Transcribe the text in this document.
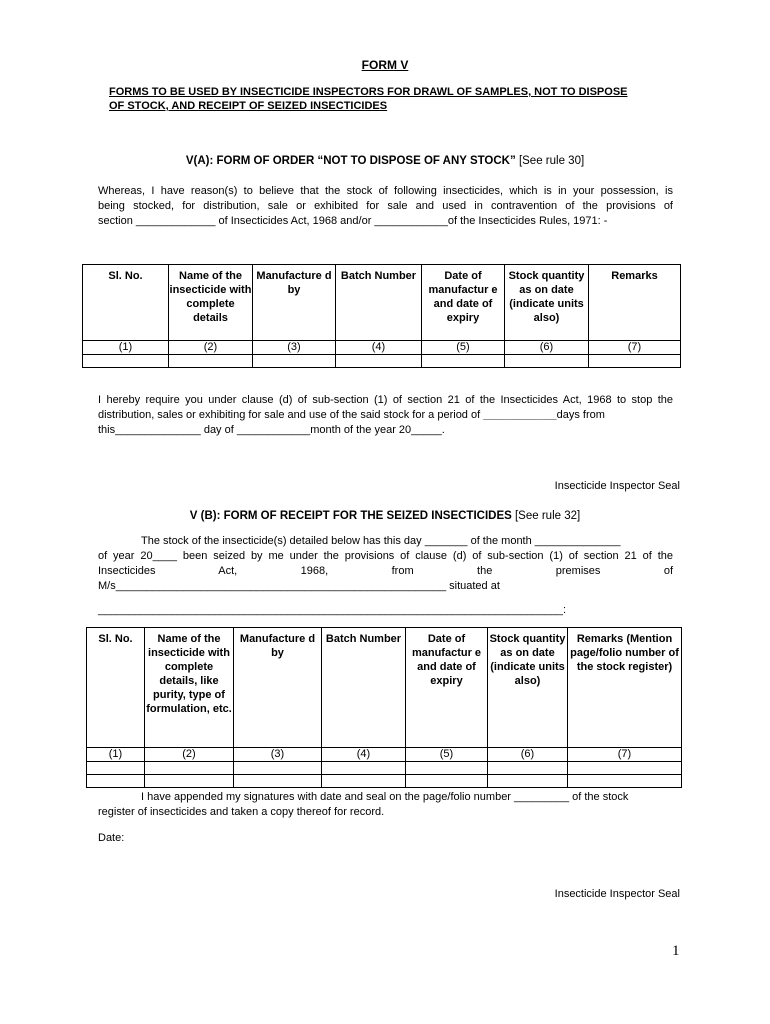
FORM V
FORMS TO BE USED BY INSECTICIDE INSPECTORS FOR DRAWL OF SAMPLES, NOT TO DISPOSE
OF STOCK, AND RECEIPT OF SEIZED INSECTICIDES
V(A): FORM OF ORDER “NOT TO DISPOSE OF ANY STOCK” [See rule 30]
Whereas, I have reason(s) to believe that the stock of following insecticides, which is in your possession, is
being stocked, for distribution, sale or exhibited for sale and used in contravention of the provisions of
section _____________ of Insecticides Act, 1968 and/or ____________of the Insecticides Rules, 1971: -
Sl. No.	Name of the insecticide with complete details	Manufacture d by	Batch Number	Date of manufactur e and date of expiry	Stock quantity as on date (indicate units also)	Remarks
(1)	(2)	(3)	(4)	(5)	(6)	(7)

I hereby require you under clause (d) of sub-section (1) of section 21 of the Insecticides Act, 1968 to stop the
distribution, sales or exhibiting for sale and use of the said stock for a period of ____________days from
this______________ day of ____________month of the year 20_____.
Insecticide Inspector Seal
V (B): FORM OF RECEIPT FOR THE SEIZED INSECTICIDES [See rule 32]
The stock of the insecticide(s) detailed below has this day _______ of the month ______________
of year 20____ been seized by me under the provisions of clause (d) of sub-section (1) of section 21 of the
Insecticides Act, 1968, from the premises of
M/s______________________________________________________ situated at
____________________________________________________________________________:
Sl. No.	Name of the insecticide with complete details, like purity, type of formulation, etc.	Manufacture d by	Batch Number	Date of manufactur e and date of expiry	Stock quantity as on date (indicate units also)	Remarks (Mention page/folio number of the stock register)
(1)	(2)	(3)	(4)	(5)	(6)	(7)

I have appended my signatures with date and seal on the page/folio number _________ of the stock
register of insecticides and taken a copy thereof for record.
Date:
Insecticide Inspector Seal
1
